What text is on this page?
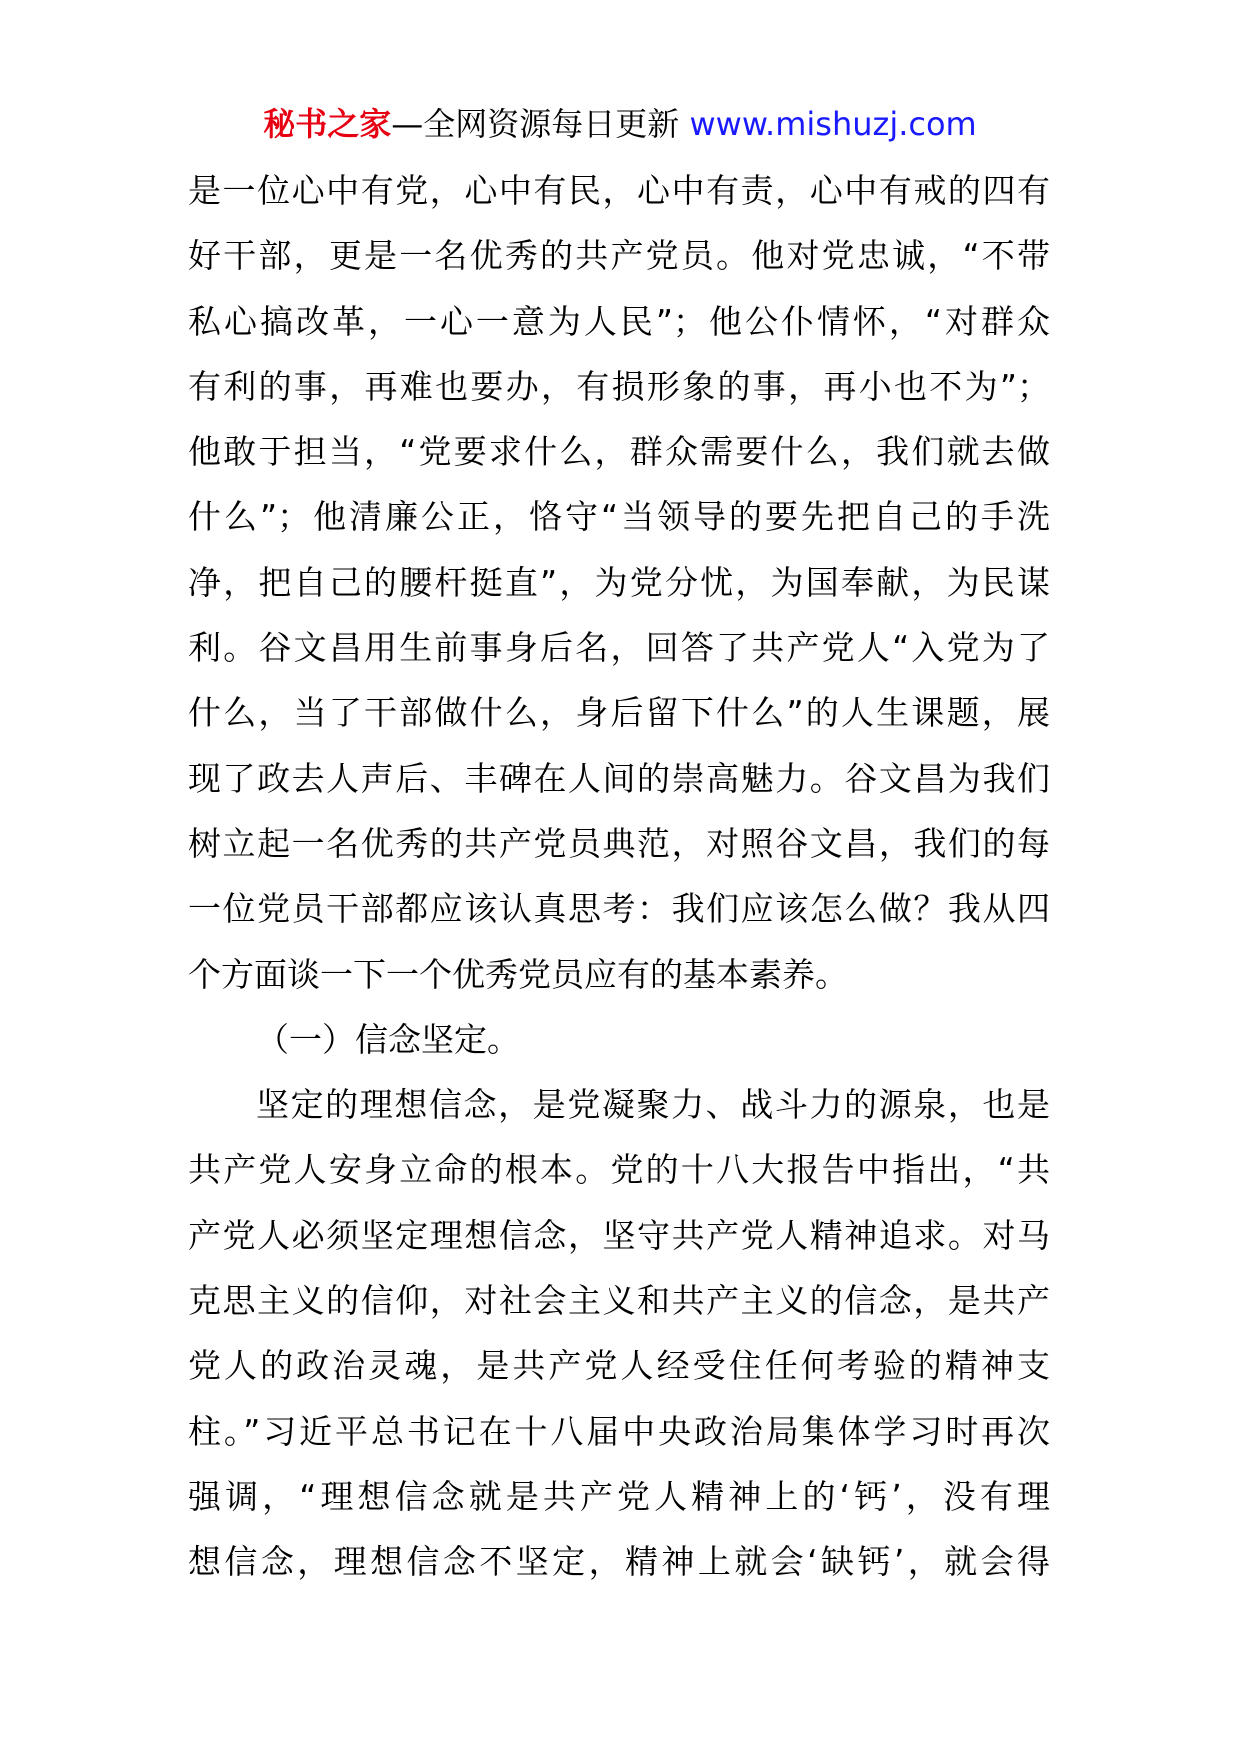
秘书之家—全网资源每日更新 www.mishuzj.com
是一位心中有党，心中有民，心中有责，心中有戒的四有
好干部，更是一名优秀的共产党员。他对党忠诚，“不带
私心搞改革，一心一意为人民”；他公仆情怀，“对群众
有利的事，再难也要办，有损形象的事，再小也不为”；
他敢于担当，“党要求什么，群众需要什么，我们就去做
什么”；他清廉公正，恪守“当领导的要先把自己的手洗
净，把自己的腰杆挺直”，为党分忧，为国奉献，为民谋
利。谷文昌用生前事身后名，回答了共产党人“入党为了
什么，当了干部做什么，身后留下什么”的人生课题，展
现了政去人声后、丰碑在人间的崇高魅力。谷文昌为我们
树立起一名优秀的共产党员典范，对照谷文昌，我们的每
一位党员干部都应该认真思考：我们应该怎么做？我从四
个方面谈一下一个优秀党员应有的基本素养。
（一）信念坚定。
坚定的理想信念，是党凝聚力、战斗力的源泉，也是
共产党人安身立命的根本。党的十八大报告中指出，“共
产党人必须坚定理想信念，坚守共产党人精神追求。对马
克思主义的信仰，对社会主义和共产主义的信念，是共产
党人的政治灵魂，是共产党人经受住任何考验的精神支
柱。”习近平总书记在十八届中央政治局集体学习时再次
强调，“理想信念就是共产党人精神上的‘钙’，没有理
想信念，理想信念不坚定，精神上就会‘缺钙’，就会得
